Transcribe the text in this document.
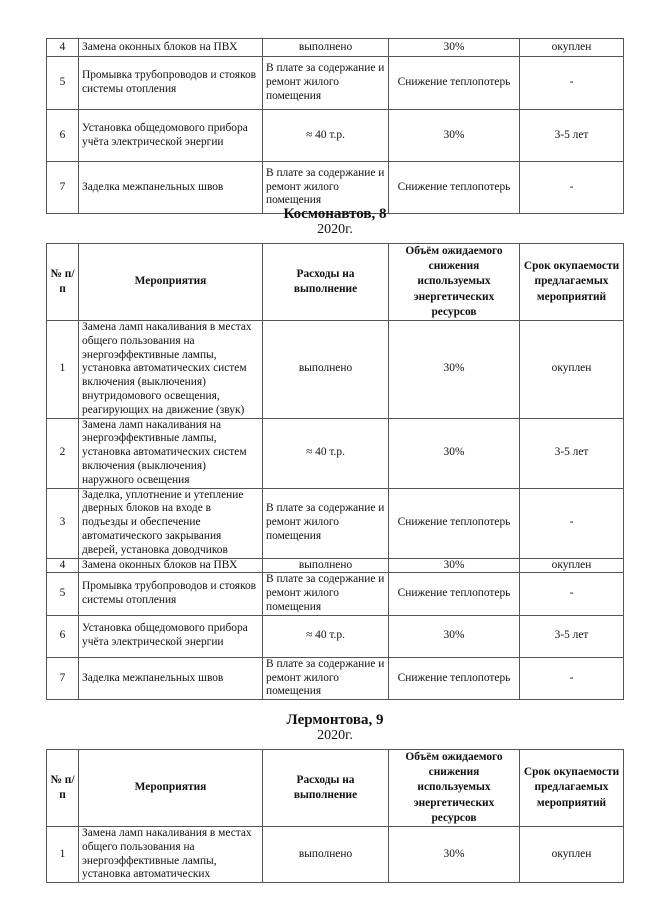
4	Замена оконных блоков на ПВХ	выполнено	30%	окуплен
5	Промывка трубопроводов и стояков системы отопления	В плате за содержание и ремонт жилого помещения	Снижение теплопотерь	-
6	Установка общедомового прибора учёта электрической энергии	≈ 40 т.р.	30%	3-5 лет
7	Заделка межпанельных швов	В плате за содержание и ремонт жилого помещения	Снижение теплопотерь	-
Космонавтов, 8
2020г.
№ п/п	Мероприятия	Расходы на выполнение	Объём ожидаемого снижения используемых энергетических ресурсов	Срок окупаемости предлагаемых мероприятий
1	Замена ламп накаливания в местах общего пользования на энергоэффективные лампы, установка автоматических систем включения (выключения) внутридомового освещения, реагирующих на движение (звук)	выполнено	30%	окуплен
2	Замена ламп накаливания на энергоэффективные лампы, установка автоматических систем включения (выключения) наружного освещения	≈ 40 т.р.	30%	3-5 лет
3	Заделка, уплотнение и утепление дверных блоков на входе в подъезды и обеспечение автоматического закрывания дверей, установка доводчиков	В плате за содержание и ремонт жилого помещения	Снижение теплопотерь	-
4	Замена оконных блоков на ПВХ	выполнено	30%	окуплен
5	Промывка трубопроводов и стояков системы отопления	В плате за содержание и ремонт жилого помещения	Снижение теплопотерь	-
6	Установка общедомового прибора учёта электрической энергии	≈ 40 т.р.	30%	3-5 лет
7	Заделка межпанельных швов	В плате за содержание и ремонт жилого помещения	Снижение теплопотерь	-
Лермонтова, 9
2020г.
№ п/п	Мероприятия	Расходы на выполнение	Объём ожидаемого снижения используемых энергетических ресурсов	Срок окупаемости предлагаемых мероприятий
1	Замена ламп накаливания в местах общего пользования на энергоэффективные лампы, установка автоматических	выполнено	30%	окуплен
